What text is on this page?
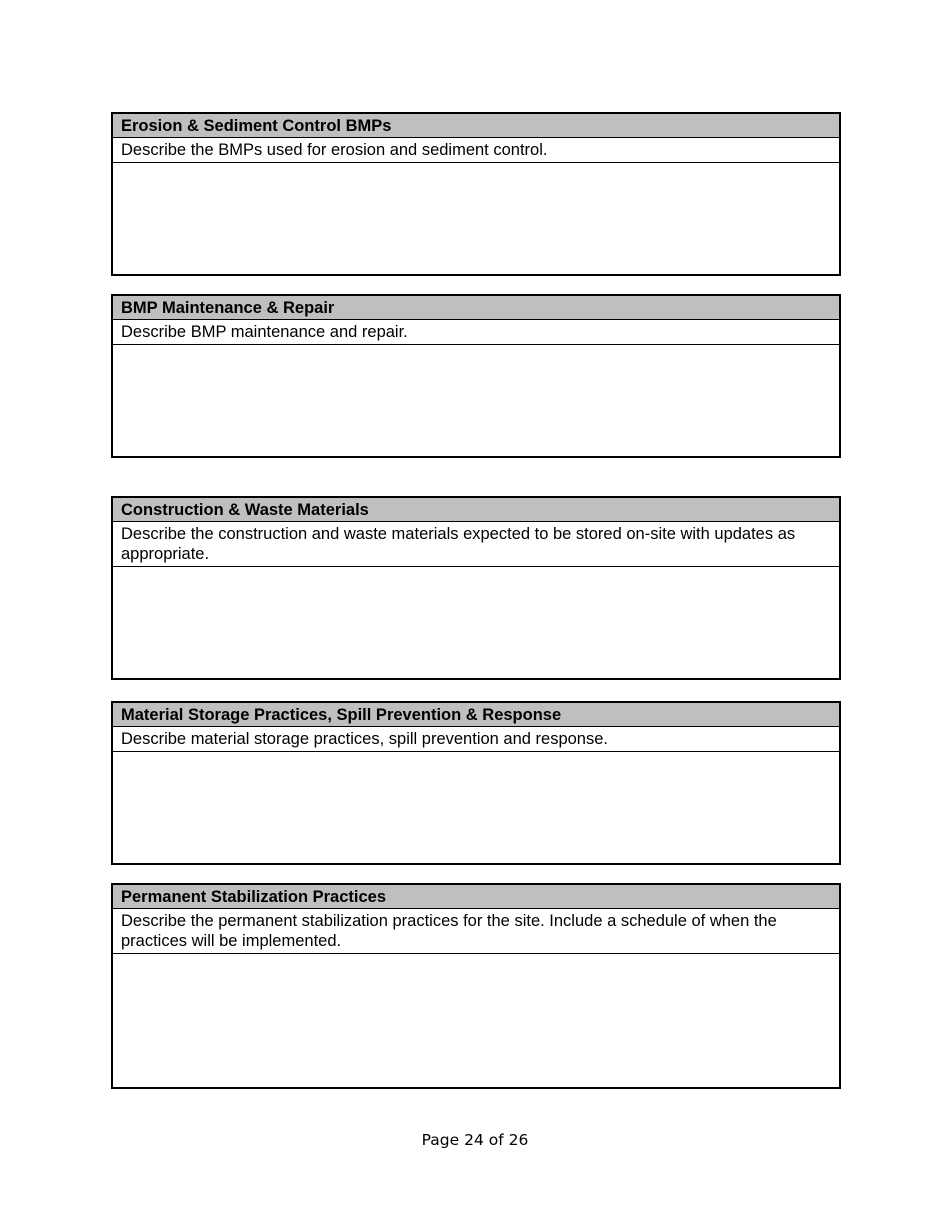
Erosion & Sediment Control BMPs
Describe the BMPs used for erosion and sediment control.
BMP Maintenance & Repair
Describe BMP maintenance and repair.
Construction & Waste Materials
Describe the construction and waste materials expected to be stored on-site with updates as appropriate.
Material Storage Practices, Spill Prevention & Response
Describe material storage practices, spill prevention and response.
Permanent Stabilization Practices
Describe the permanent stabilization practices for the site. Include a schedule of when the practices will be implemented.
Page 24 of 26
